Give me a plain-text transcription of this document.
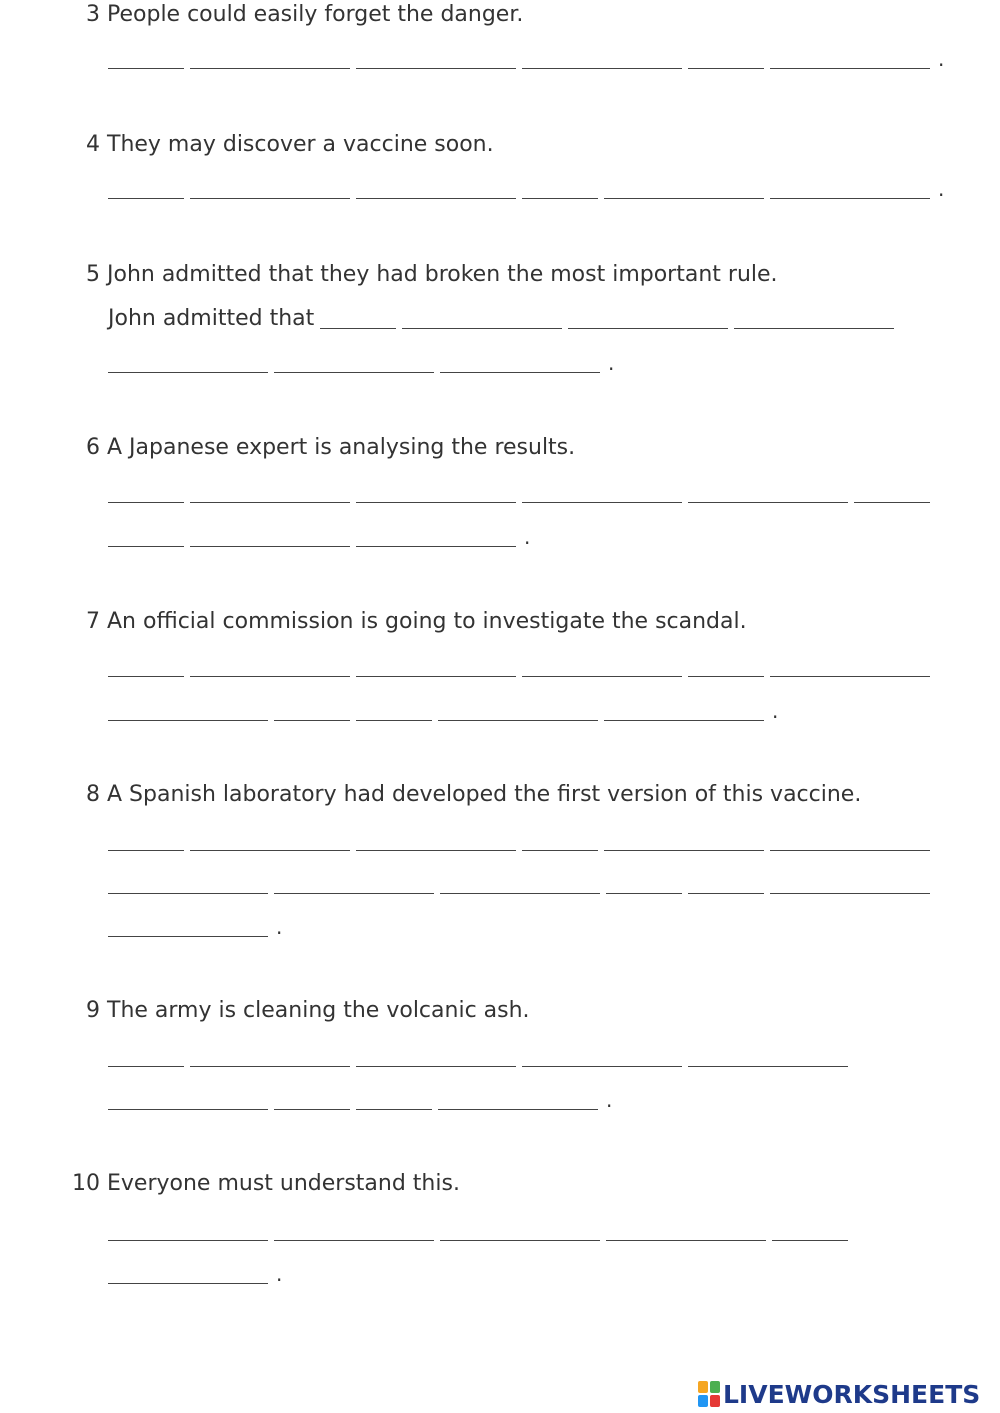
3 People could easily forget the danger.
.
4 They may discover a vaccine soon.
.
5 John admitted that they had broken the most important rule.
John admitted that
.
6 A Japanese expert is analysing the results.
.
7 An official commission is going to investigate the scandal.
.
8 A Spanish laboratory had developed the first version of this vaccine.
.
9 The army is cleaning the volcanic ash.
.
10 Everyone must understand this.
.
LIVEWORKSHEETS
